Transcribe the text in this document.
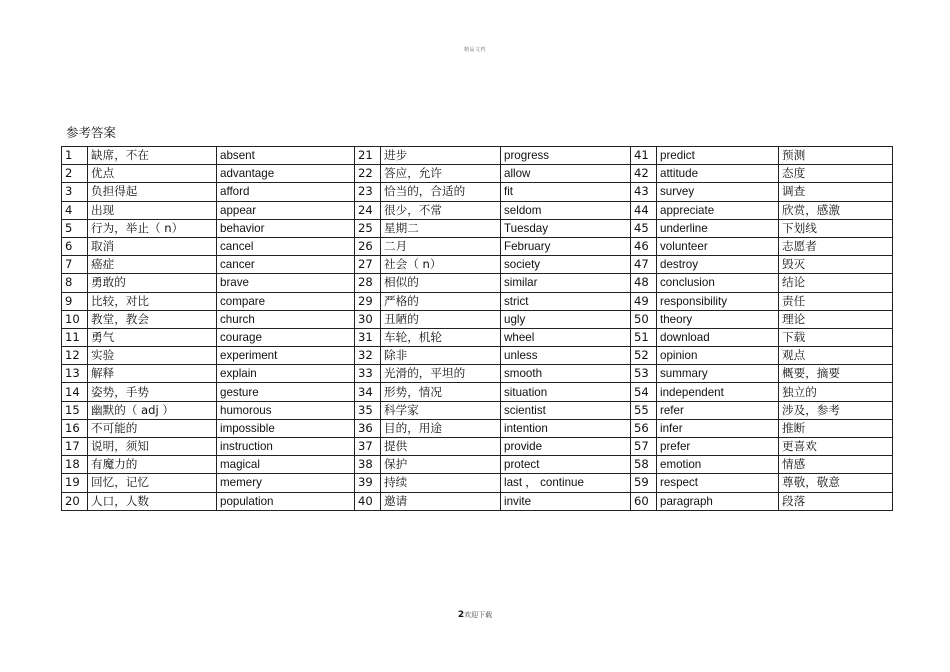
精品文档
参考答案
1	缺席，不在	absent	21	进步	progress	41	predict	预测
2	优点	advantage	22	答应，允许	allow	42	attitude	态度
3	负担得起	afford	23	恰当的，合适的	fit	43	survey	调查
4	出现	appear	24	很少，不常	seldom	44	appreciate	欣赏，感激
5	行为，举止（ n）	behavior	25	星期二	Tuesday	45	underline	下划线
6	取消	cancel	26	二月	February	46	volunteer	志愿者
7	癌症	cancer	27	社会（ n）	society	47	destroy	毁灭
8	勇敢的	brave	28	相似的	similar	48	conclusion	结论
9	比较，对比	compare	29	严格的	strict	49	responsibility	责任
10	教堂，教会	church	30	丑陋的	ugly	50	theory	理论
11	勇气	courage	31	车轮，机轮	wheel	51	download	下载
12	实验	experiment	32	除非	unless	52	opinion	观点
13	解释	explain	33	光滑的，平坦的	smooth	53	summary	概要，摘要
14	姿势，手势	gesture	34	形势，情况	situation	54	independent	独立的
15	幽默的（ adj ）	humorous	35	科学家	scientist	55	refer	涉及，参考
16	不可能的	impossible	36	目的，用途	intention	56	infer	推断
17	说明，须知	instruction	37	提供	provide	57	prefer	更喜欢
18	有魔力的	magical	38	保护	protect	58	emotion	情感
19	回忆，记忆	memery	39	持续	last ， continue	59	respect	尊敬，敬意
20	人口，人数	population	40	邀请	invite	60	paragraph	段落
2欢迎下载
